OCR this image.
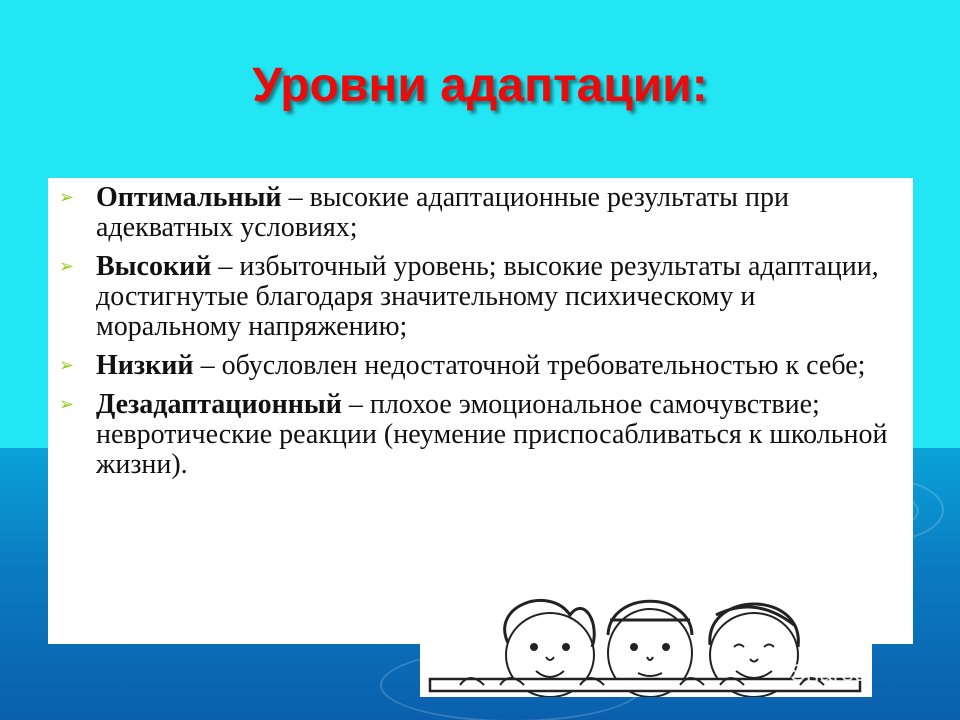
Уровни адаптации:
➢ Оптимальный – высокие адаптационные результаты при адекватных условиях;
➢ Высокий – избыточный уровень; высокие результаты адаптации, достигнутые благодаря значительному психическому и моральному напряжению;
➢ Низкий – обусловлен недостаточной требовательностью к себе;
➢ Дезадаптационный – плохое эмоциональное самочувствие; невротические реакции (неумение приспосабливаться к школьной жизни).
Shared
